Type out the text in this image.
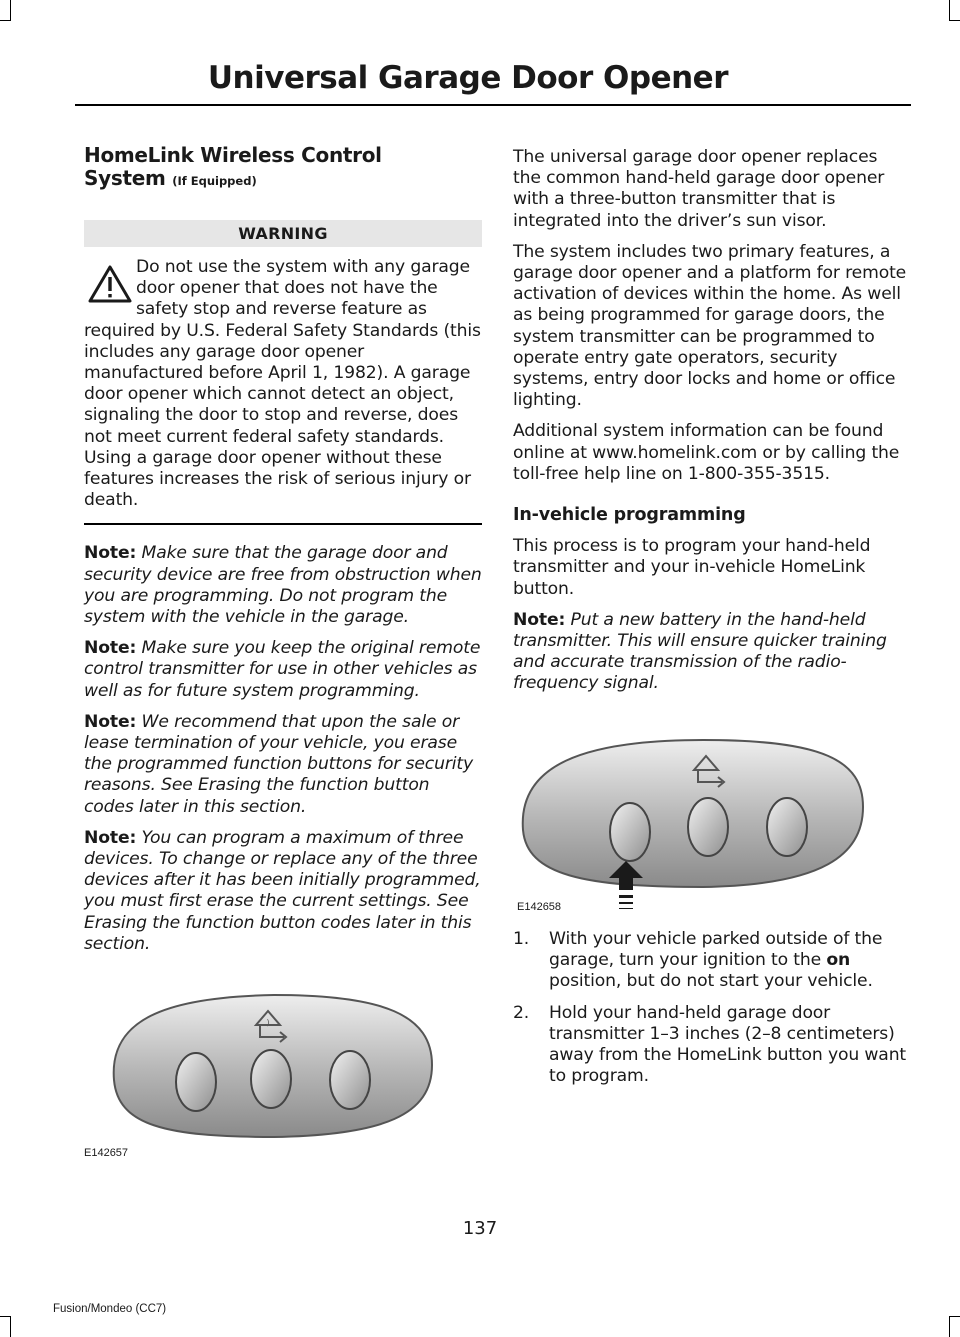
Universal Garage Door Opener
HomeLink Wireless Control
System (If Equipped)
WARNING

Do not use the system with any garage door opener that does not have the safety stop and reverse feature as required by U.S. Federal Safety Standards (this includes any garage door opener manufactured before April 1, 1982). A garage door opener which cannot detect an object, signaling the door to stop and reverse, does not meet current federal safety standards. Using a garage door opener without these features increases the risk of serious injury or death.

Note: Make sure that the garage door and security device are free from obstruction when you are programming. Do not program the system with the vehicle in the garage.

Note: Make sure you keep the original remote control transmitter for use in other vehicles as well as for future system programming.

Note: We recommend that upon the sale or lease termination of your vehicle, you erase the programmed function buttons for security reasons. See Erasing the function button codes later in this section.

Note: You can program a maximum of three devices. To change or replace any of the three devices after it has been initially programmed, you must first erase the current settings. See Erasing the function button codes later in this section.

)
E142657

The universal garage door opener replaces the common hand-held garage door opener with a three-button transmitter that is integrated into the driver’s sun visor.

The system includes two primary features, a garage door opener and a platform for remote activation of devices within the home. As well as being programmed for garage doors, the system transmitter can be programmed to operate entry gate operators, security systems, entry door locks and home or office lighting.

Additional system information can be found online at www.homelink.com or by calling the toll-free help line on 1-800-355-3515.

In-vehicle programming

This process is to program your hand-held transmitter and your in-vehicle HomeLink button.

Note: Put a new battery in the hand-held transmitter. This will ensure quicker training and accurate transmission of the radio-frequency signal.

E142658

1. With your vehicle parked outside of the garage, turn your ignition to the on position, but do not start your vehicle.

2. Hold your hand-held garage door transmitter 1–3 inches (2–8 centimeters) away from the HomeLink button you want to program.

137
Fusion/Mondeo (CC7)
